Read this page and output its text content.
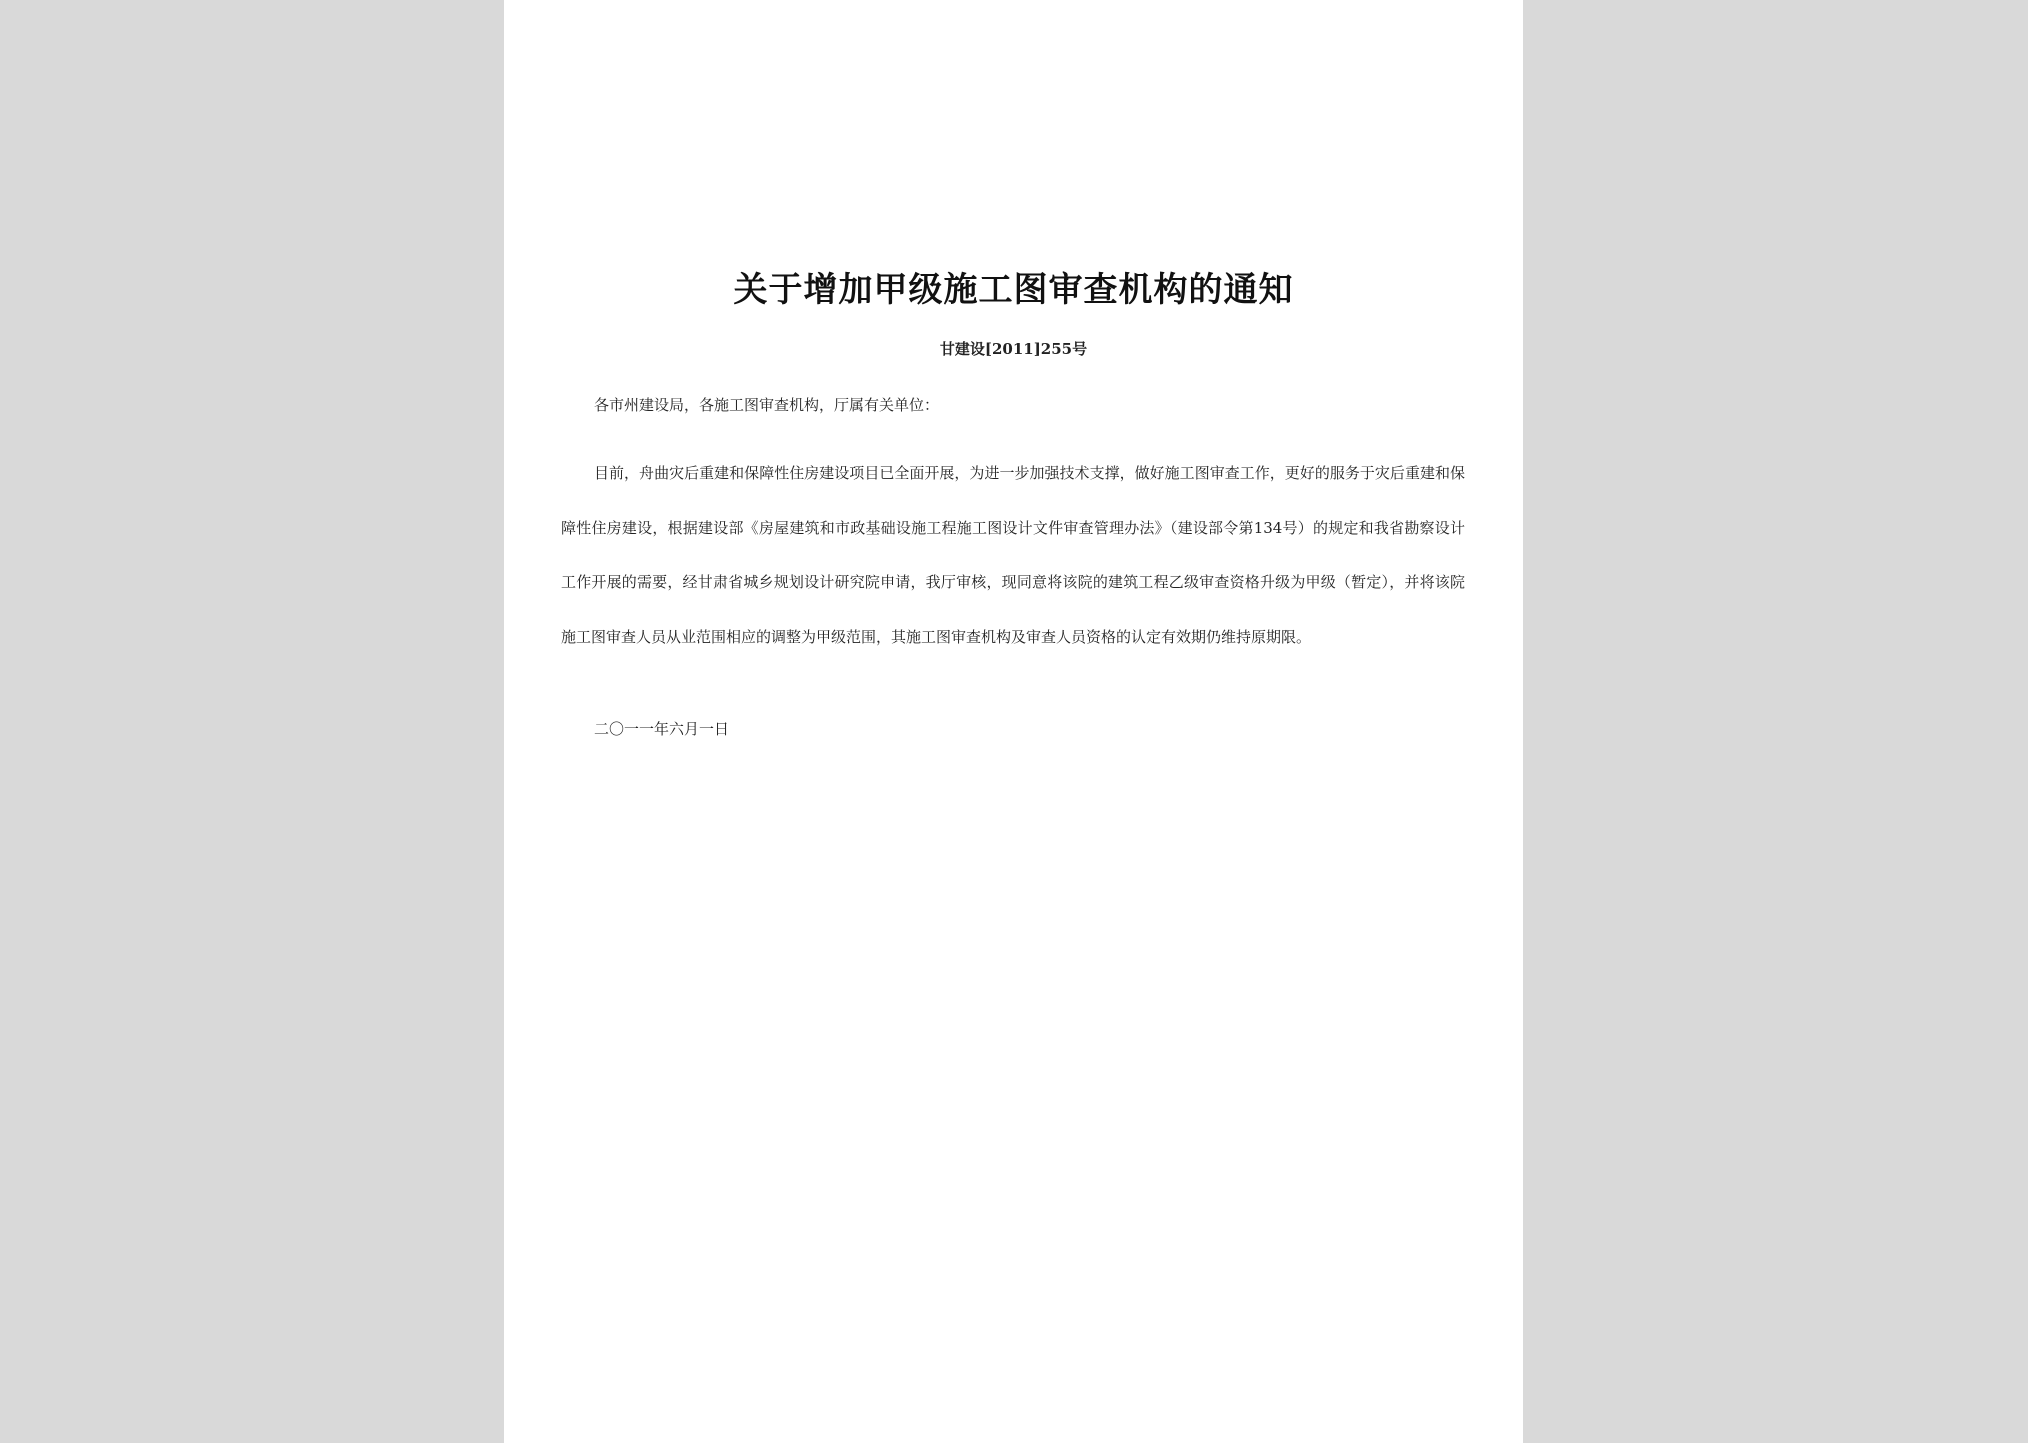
关于增加甲级施工图审查机构的通知
甘建设[2011]255号
各市州建设局，各施工图审查机构，厅属有关单位：

目前，舟曲灾后重建和保障性住房建设项目已全面开展，为进一步加强技术支撑，做好施工图审查工作，更好的服务于灾后重建和保障性住房建设，根据建设部《房屋建筑和市政基础设施工程施工图设计文件审查管理办法》（建设部令第134号）的规定和我省勘察设计工作开展的需要，经甘肃省城乡规划设计研究院申请，我厅审核，现同意将该院的建筑工程乙级审查资格升级为甲级（暂定），并将该院施工图审查人员从业范围相应的调整为甲级范围，其施工图审查机构及审查人员资格的认定有效期仍维持原期限。

二〇一一年六月一日
